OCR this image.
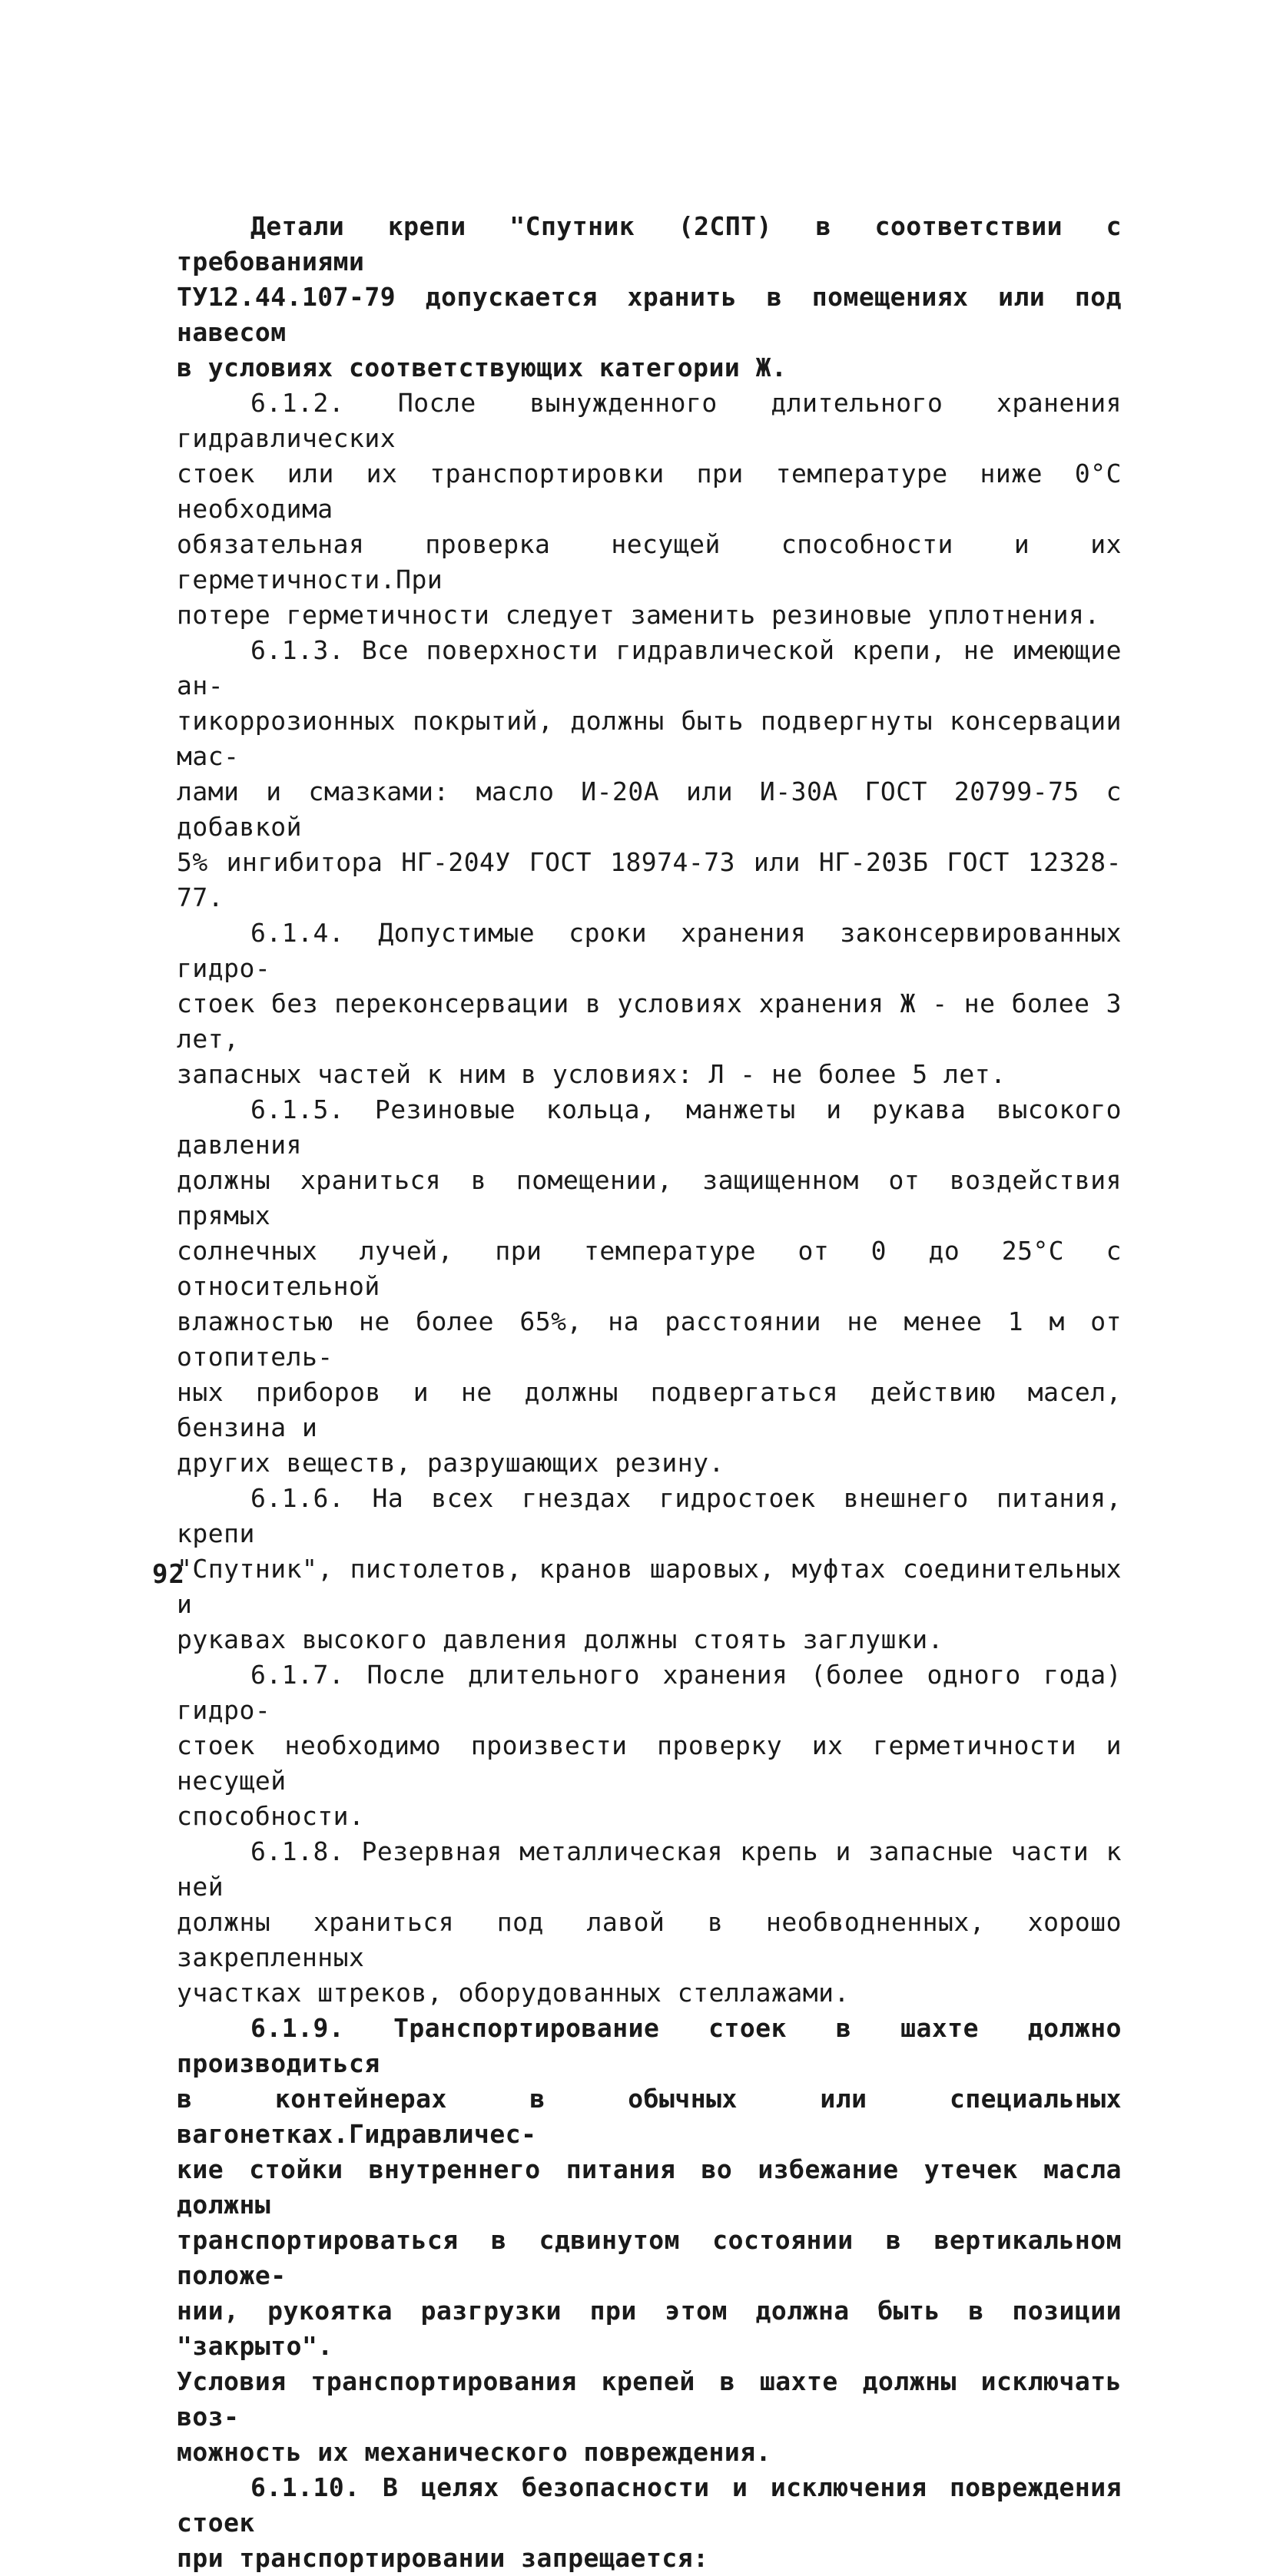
Детали крепи "Спутник (2СПТ) в соответствии с требованиями
ТУ12.44.107-79 допускается хранить в помещениях или под навесом
в условиях соответствующих категории Ж.

6.1.2. После вынужденного длительного хранения гидравлических
стоек или их транспортировки при температуре ниже 0°С необходима
обязательная проверка несущей способности и их герметичности.При
потере герметичности следует заменить резиновые уплотнения.

6.1.3. Все поверхности гидравлической крепи, не имеющие ан-
тикоррозионных покрытий, должны быть подвергнуты консервации мас-
лами и смазками: масло И-20А или И-30А ГОСТ 20799-75 с добавкой
5% ингибитора НГ-204У ГОСТ 18974-73 или НГ-203Б ГОСТ 12328-77.

6.1.4. Допустимые сроки хранения законсервированных гидро-
стоек без переконсервации в условиях хранения Ж - не более 3 лет,
запасных частей к ним в условиях: Л - не более 5 лет.

6.1.5. Резиновые кольца, манжеты и рукава высокого давления
должны храниться в помещении, защищенном от воздействия прямых
солнечных лучей, при температуре от 0 до 25°С с относительной
влажностью не более 65%, на расстоянии не менее 1 м от отопитель-
ных приборов и не должны подвергаться действию масел, бензина и
других веществ, разрушающих резину.

6.1.6. На всех гнездах гидростоек внешнего питания, крепи
"Спутник", пистолетов, кранов шаровых, муфтах соединительных  и
рукавах высокого давления должны стоять заглушки.

6.1.7. После длительного хранения (более одного года) гидро-
стоек необходимо произвести проверку их герметичности и несущей
способности.

6.1.8. Резервная металлическая крепь и запасные части к ней
должны храниться под лавой в необводненных, хорошо закрепленных
участках штреков, оборудованных стеллажами.

6.1.9. Транспортирование стоек в шахте должно производиться
в контейнерах в обычных или специальных вагонетках.Гидравличес-
кие стойки внутреннего питания во избежание утечек масла должны
транспортироваться в сдвинутом состоянии в вертикальном положе-
нии, рукоятка разгрузки при этом должна быть в позиции "закрыто".
Условия транспортирования крепей в шахте должны исключать воз-
можность их механического повреждения.

6.1.10. В целях безопасности и исключения повреждения стоек
при транспортировании запрещается:

92
